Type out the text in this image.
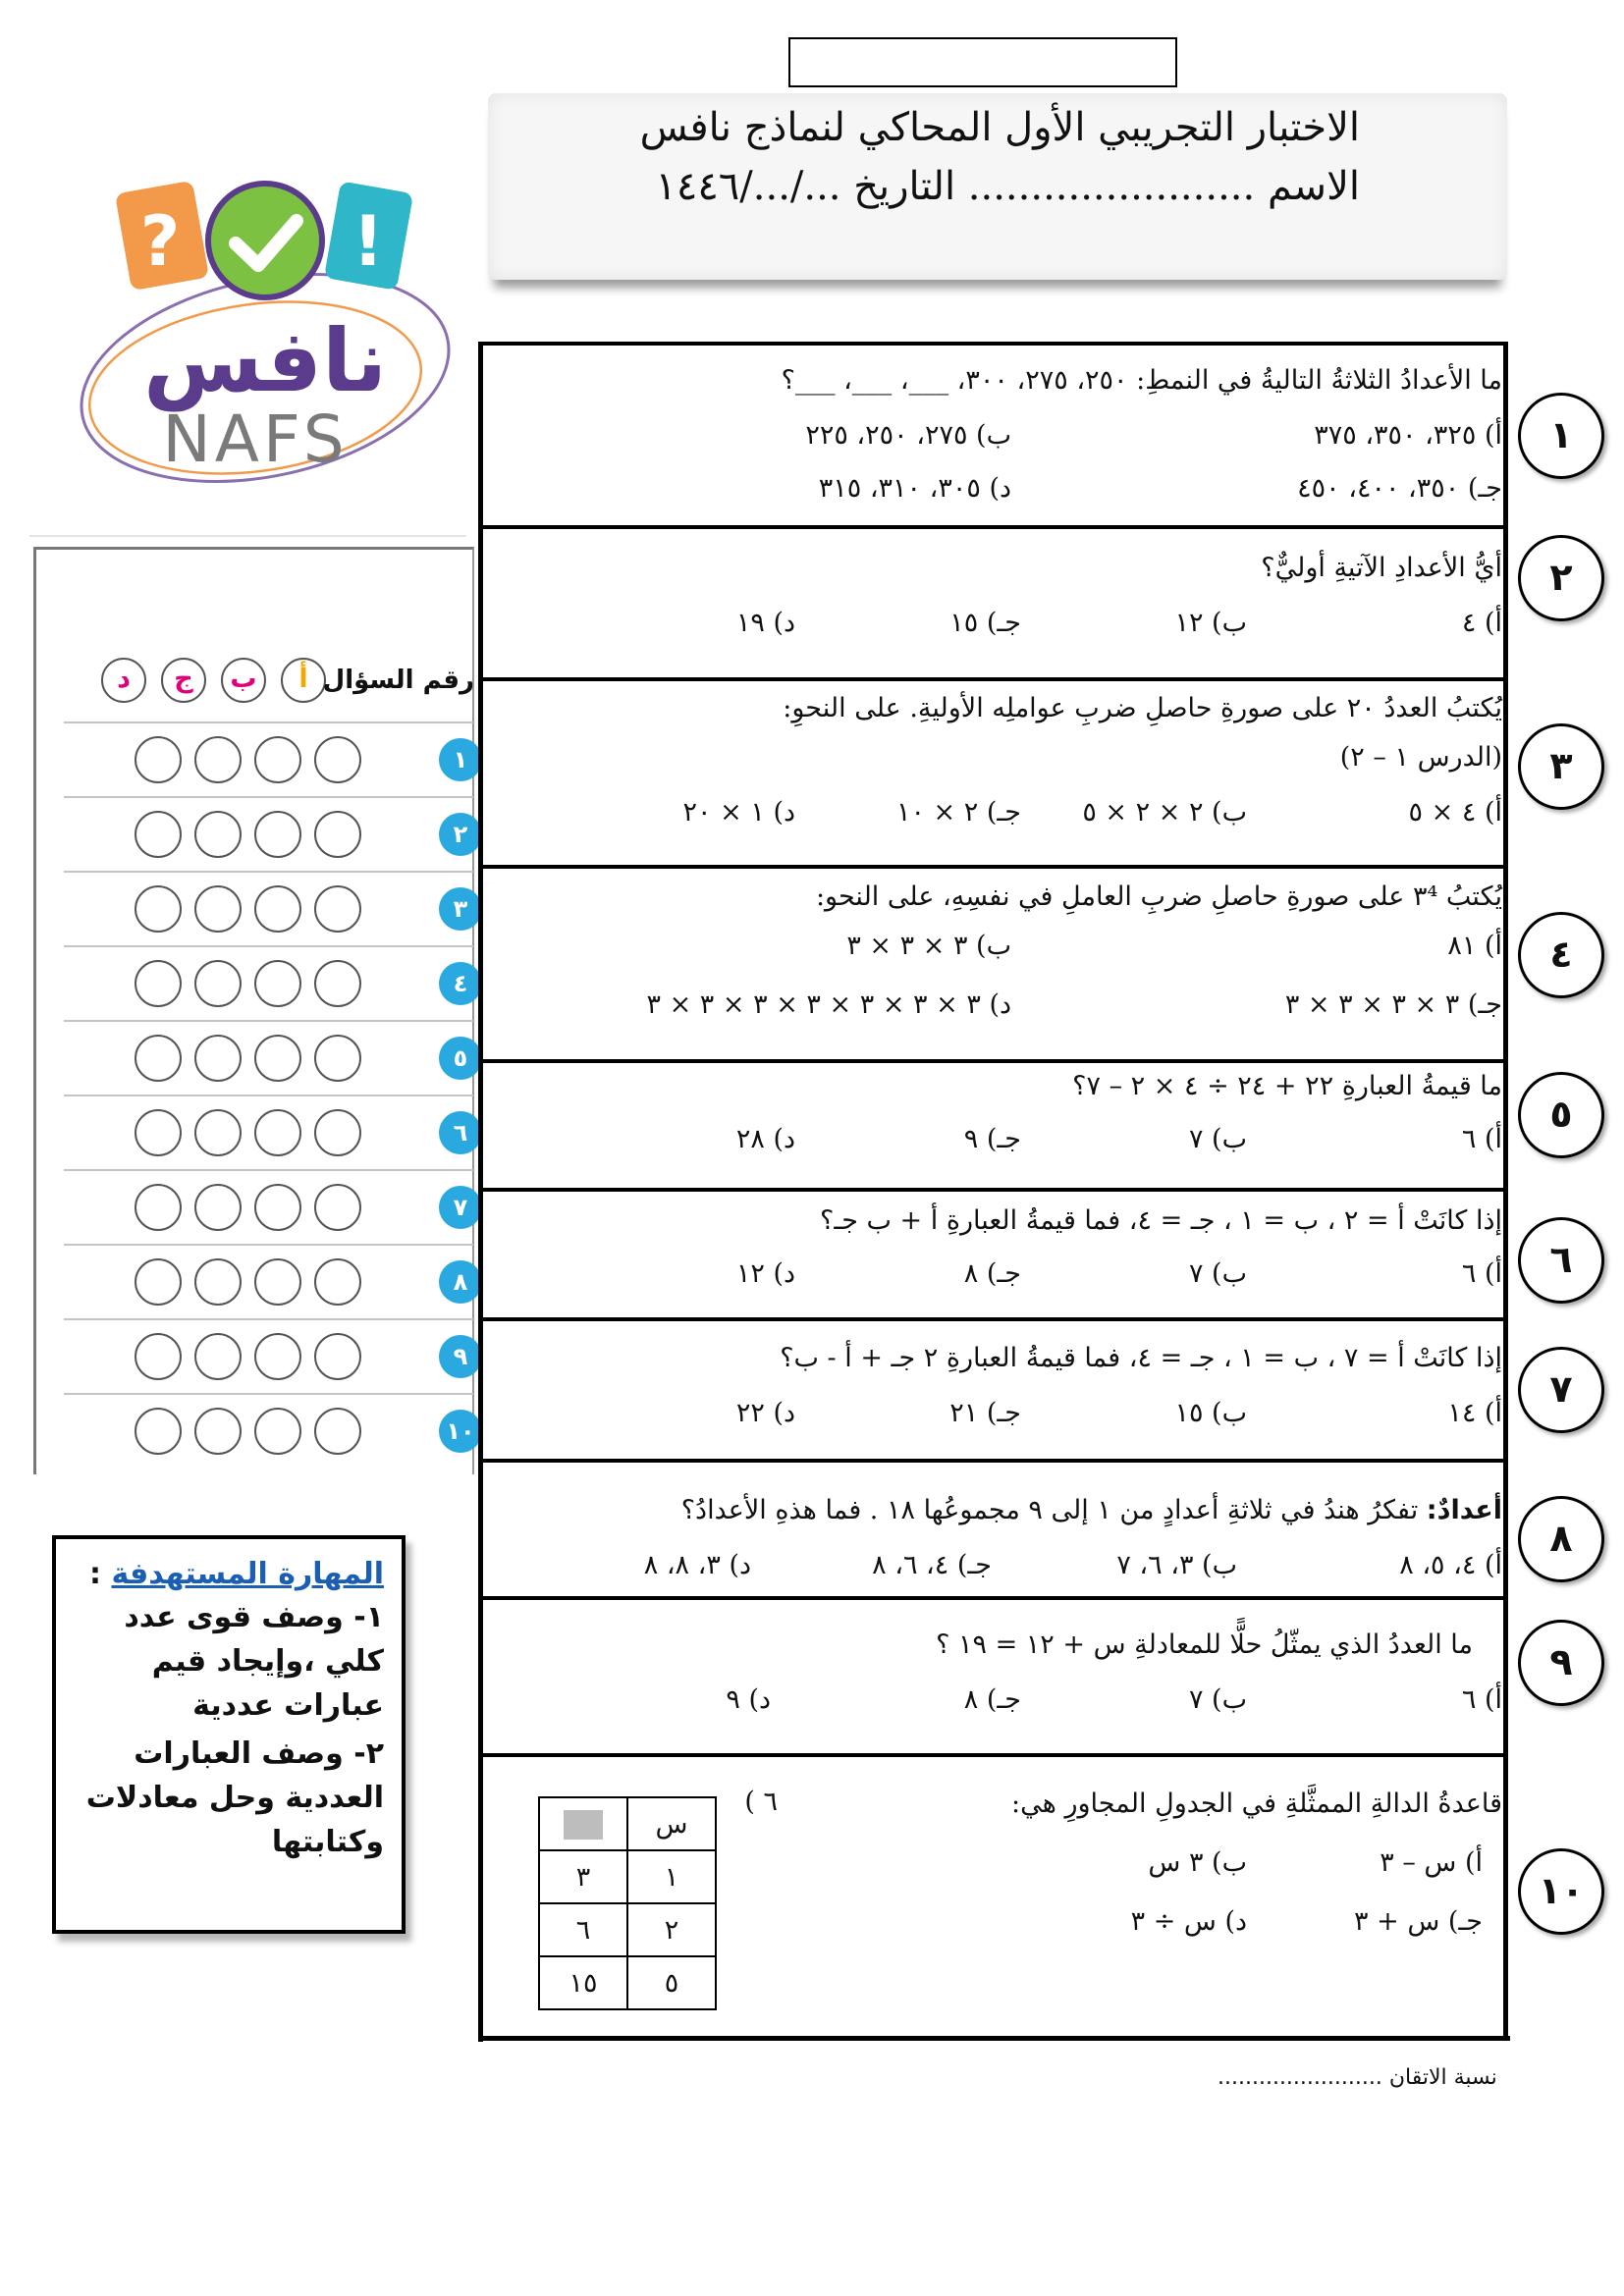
الاختبار التجريبي الأول المحاكي لنماذج نافس
الاسم ....................... التاريخ .../.../١٤٤٦
?	!
نافس
NAFS
د	ج	ب	أ رقم السؤال
١
٢
٣
٤
٥
٦
٧
٨
٩
١٠
المهارة المستهدفة :
١- وصف قوى عدد كلي ،وإيجاد قيم عبارات عددية
٢- وصف العبارات العددية وحل معادلات وكتابتها
١
٢
٣
٤
٥
٦
٧
٨
٩
١٠
ما الأعدادُ الثلاثةُ التاليةُ في النمطِ: ٢٥٠، ٢٧٥، ٣٠٠، ___، ___، ___؟
أ) ٣٢٥، ٣٥٠، ٣٧٥
ب) ٢٧٥، ٢٥٠، ٢٢٥
جـ) ٣٥٠، ٤٠٠، ٤٥٠
د) ٣٠٥، ٣١٠، ٣١٥
أيُّ الأعدادِ الآتيةِ أوليٌّ؟
أ) ٤
ب) ١٢
جـ) ١٥
د) ١٩
يُكتبُ العددُ ٢٠ على صورةِ حاصلِ ضربِ عواملِه الأوليةِ. على النحوِ:
(الدرس ١ – ٢)
أ) ٤ × ٥
ب) ٢ × ٢ × ٥
جـ) ٢ × ١٠
د) ١ × ٢٠
يُكتبُ ٣⁴ على صورةِ حاصلِ ضربِ العاملِ في نفسِهِ، على النحو:
أ) ٨١
ب) ٣ × ٣ × ٣
جـ) ٣ × ٣ × ٣ × ٣
د) ٣ × ٣ × ٣ × ٣ × ٣ × ٣ × ٣
ما قيمةُ العبارةِ ٢٢ + ٢٤ ÷ ٤ × ٢ – ٧؟
أ) ٦
ب) ٧
جـ) ٩
د) ٢٨
إذا كانَتْ أ = ٢ ، ب = ١ ، جـ = ٤، فما قيمةُ العبارةِ أ + ب جـ؟
أ) ٦
ب) ٧
جـ) ٨
د) ١٢
إذا كانَتْ أ = ٧ ، ب = ١ ، جـ = ٤، فما قيمةُ العبارةِ ٢ جـ + أ - ب؟
أ) ١٤
ب) ١٥
جـ) ٢١
د) ٢٢
أعدادٌ: تفكرُ هندُ في ثلاثةِ أعدادٍ من ١ إلى ٩ مجموعُها ١٨ . فما هذهِ الأعدادُ؟
أ) ٤، ٥، ٨
ب) ٣، ٦، ٧
جـ) ٤، ٦، ٨
د) ٣، ٨، ٨
ما العددُ الذي يمثّلُ حلًّا للمعادلةِ س + ١٢ = ١٩ ؟
أ) ٦
ب) ٧
جـ) ٨
د) ٩
قاعدةُ الدالةِ الممثَّلةِ في الجدولِ المجاورِ هي:
٦ )
أ) س – ٣
ب) ٣ س
جـ) س + ٣
د) س ÷ ٣
	س
٣	١
٦	٢
١٥	٥
نسبة الاتقان ........................
